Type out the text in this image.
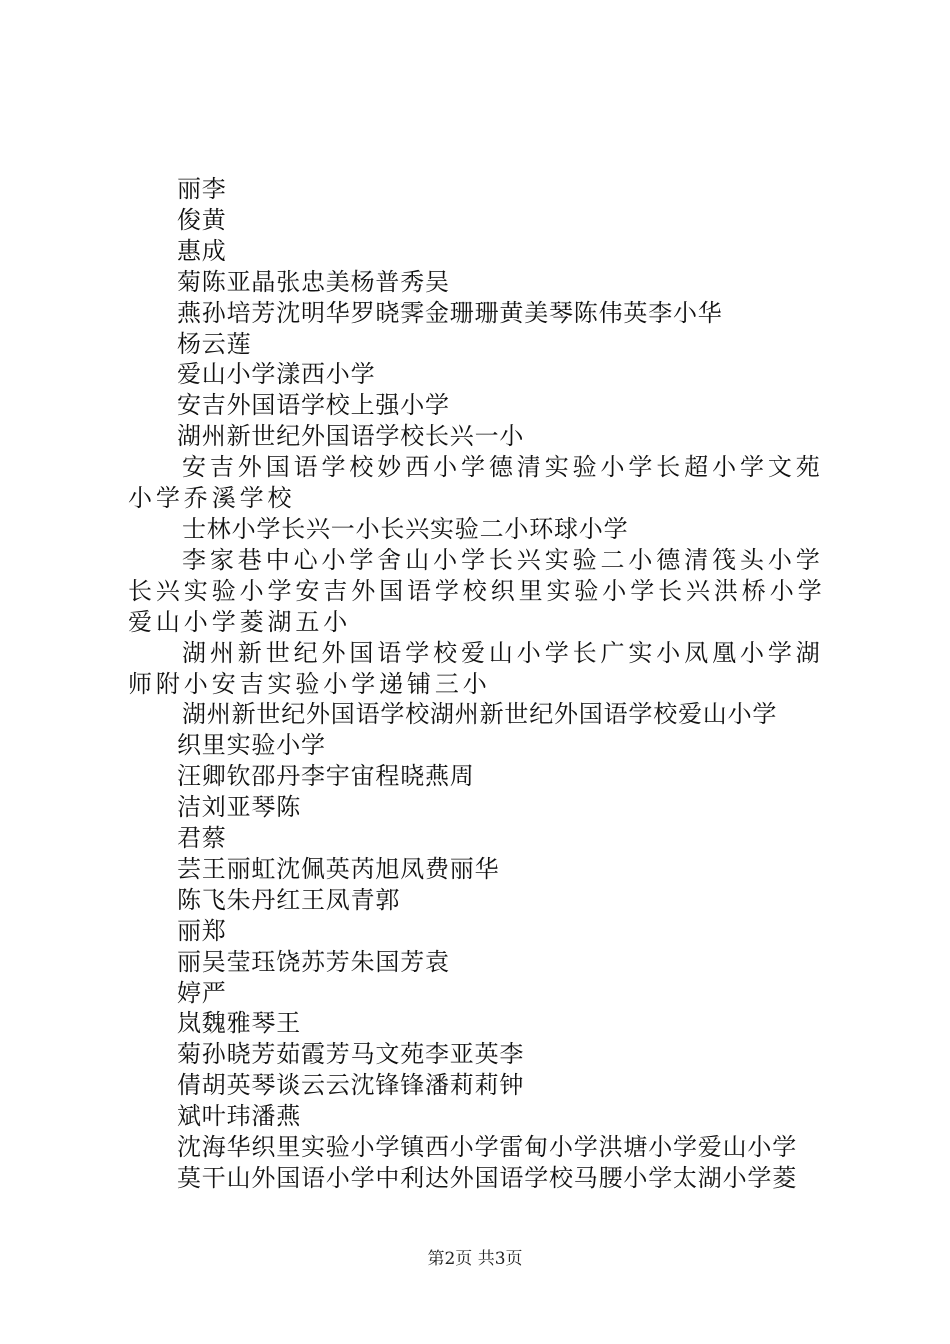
丽李
俊黄
惠成
菊陈亚晶张忠美杨普秀吴
燕孙培芳沈明华罗晓霁金珊珊黄美琴陈伟英李小华
杨云莲
爱山小学漾西小学
安吉外国语学校上强小学
湖州新世纪外国语学校长兴一小
安吉外国语学校妙西小学德清实验小学长超小学文苑小学乔溪学校
士林小学长兴一小长兴实验二小环球小学
李家巷中心小学舍山小学长兴实验二小德清筏头小学长兴实验小学安吉外国语学校织里实验小学长兴洪桥小学爱山小学菱湖五小
湖州新世纪外国语学校爱山小学长广实小凤凰小学湖师附小安吉实验小学递铺三小
湖州新世纪外国语学校湖州新世纪外国语学校爱山小学
织里实验小学
汪卿钦邵丹李宇宙程晓燕周
洁刘亚琴陈
君蔡
芸王丽虹沈佩英芮旭凤费丽华
陈飞朱丹红王凤青郭
丽郑
丽吴莹珏饶苏芳朱国芳袁
婷严
岚魏雅琴王
菊孙晓芳茹霞芳马文苑李亚英李
倩胡英琴谈云云沈锋锋潘莉莉钟
斌叶玮潘燕
沈海华织里实验小学镇西小学雷甸小学洪塘小学爱山小学
莫干山外国语小学中利达外国语学校马腰小学太湖小学菱
第2页 共3页
